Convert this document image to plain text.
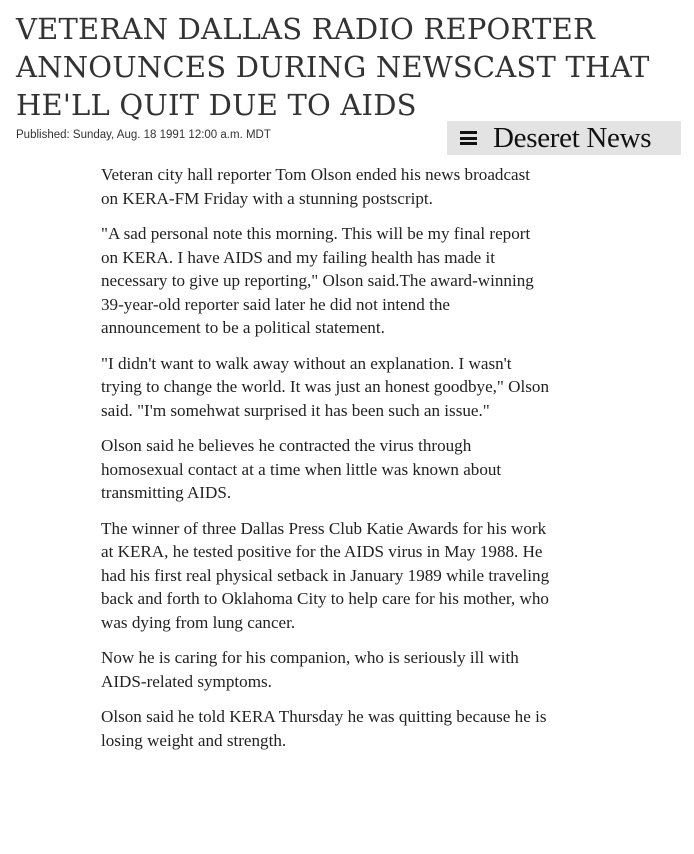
VETERAN DALLAS RADIO REPORTER ANNOUNCES DURING NEWSCAST THAT HE'LL QUIT DUE TO AIDS
Published: Sunday, Aug. 18 1991 12:00 a.m. MDT	Deseret News

Veteran city hall reporter Tom Olson ended his news broadcast on KERA-FM Friday with a stunning postscript.

"A sad personal note this morning. This will be my final report on KERA. I have AIDS and my failing health has made it necessary to give up reporting," Olson said.The award-winning 39-year-old reporter said later he did not intend the announcement to be a political statement.

"I didn't want to walk away without an explanation. I wasn't trying to change the world. It was just an honest goodbye," Olson said. "I'm somehwat surprised it has been such an issue."

Olson said he believes he contracted the virus through homosexual contact at a time when little was known about transmitting AIDS.

The winner of three Dallas Press Club Katie Awards for his work at KERA, he tested positive for the AIDS virus in May 1988. He had his first real physical setback in January 1989 while traveling back and forth to Oklahoma City to help care for his mother, who was dying from lung cancer.

Now he is caring for his companion, who is seriously ill with AIDS-related symptoms.

Olson said he told KERA Thursday he was quitting because he is losing weight and strength.
